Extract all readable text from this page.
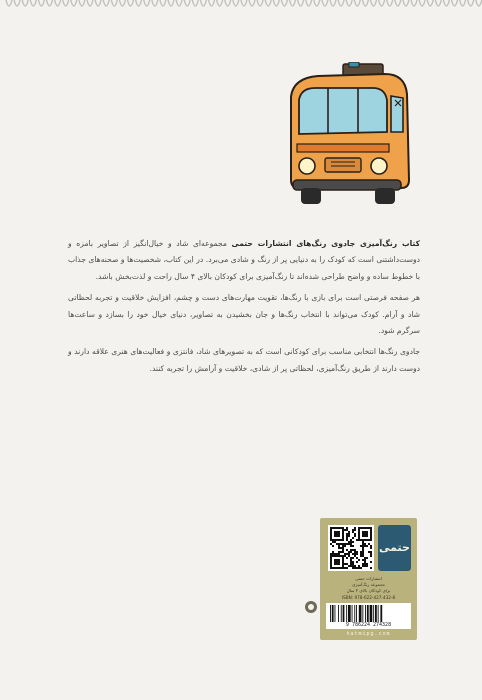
کتاب رنگ‌آمیزی جادوی رنگ‌های انتشارات حتمی مجموعه‌ای شاد و خیال‌انگیز از تصاویر بامزه و دوست‌داشتنی است که کودک را به دنیایی پر از رنگ و شادی می‌برد. در این کتاب، شخصیت‌ها و صحنه‌های جذاب با خطوط ساده و واضح طراحی شده‌اند تا رنگ‌آمیزی برای کودکان بالای ۴ سال راحت و لذت‌بخش باشد.

هر صفحه فرصتی است برای بازی با رنگ‌ها، تقویت مهارت‌های دست و چشم، افزایش خلاقیت و تجربه لحظاتی شاد و آرام. کودک می‌تواند با انتخاب رنگ‌ها و جان بخشیدن به تصاویر، دنیای خیال خود را بسازد و ساعت‌ها سرگرم شود.

جادوی رنگ‌ها انتخابی مناسب برای کودکانی است که به تصویرهای شاد، فانتزی و فعالیت‌های هنری علاقه دارند و دوست دارند از طریق رنگ‌آمیزی، لحظاتی پر از شادی، خلاقیت و آرامش را تجربه کنند.

حتمی
انتشارات حتمی
مجموعه رنگ‌آمیزی
برای کودکان بالای ۴ سال
ISBN: 978-622-427-432-8
9 786224 274328
hatmipg.com
